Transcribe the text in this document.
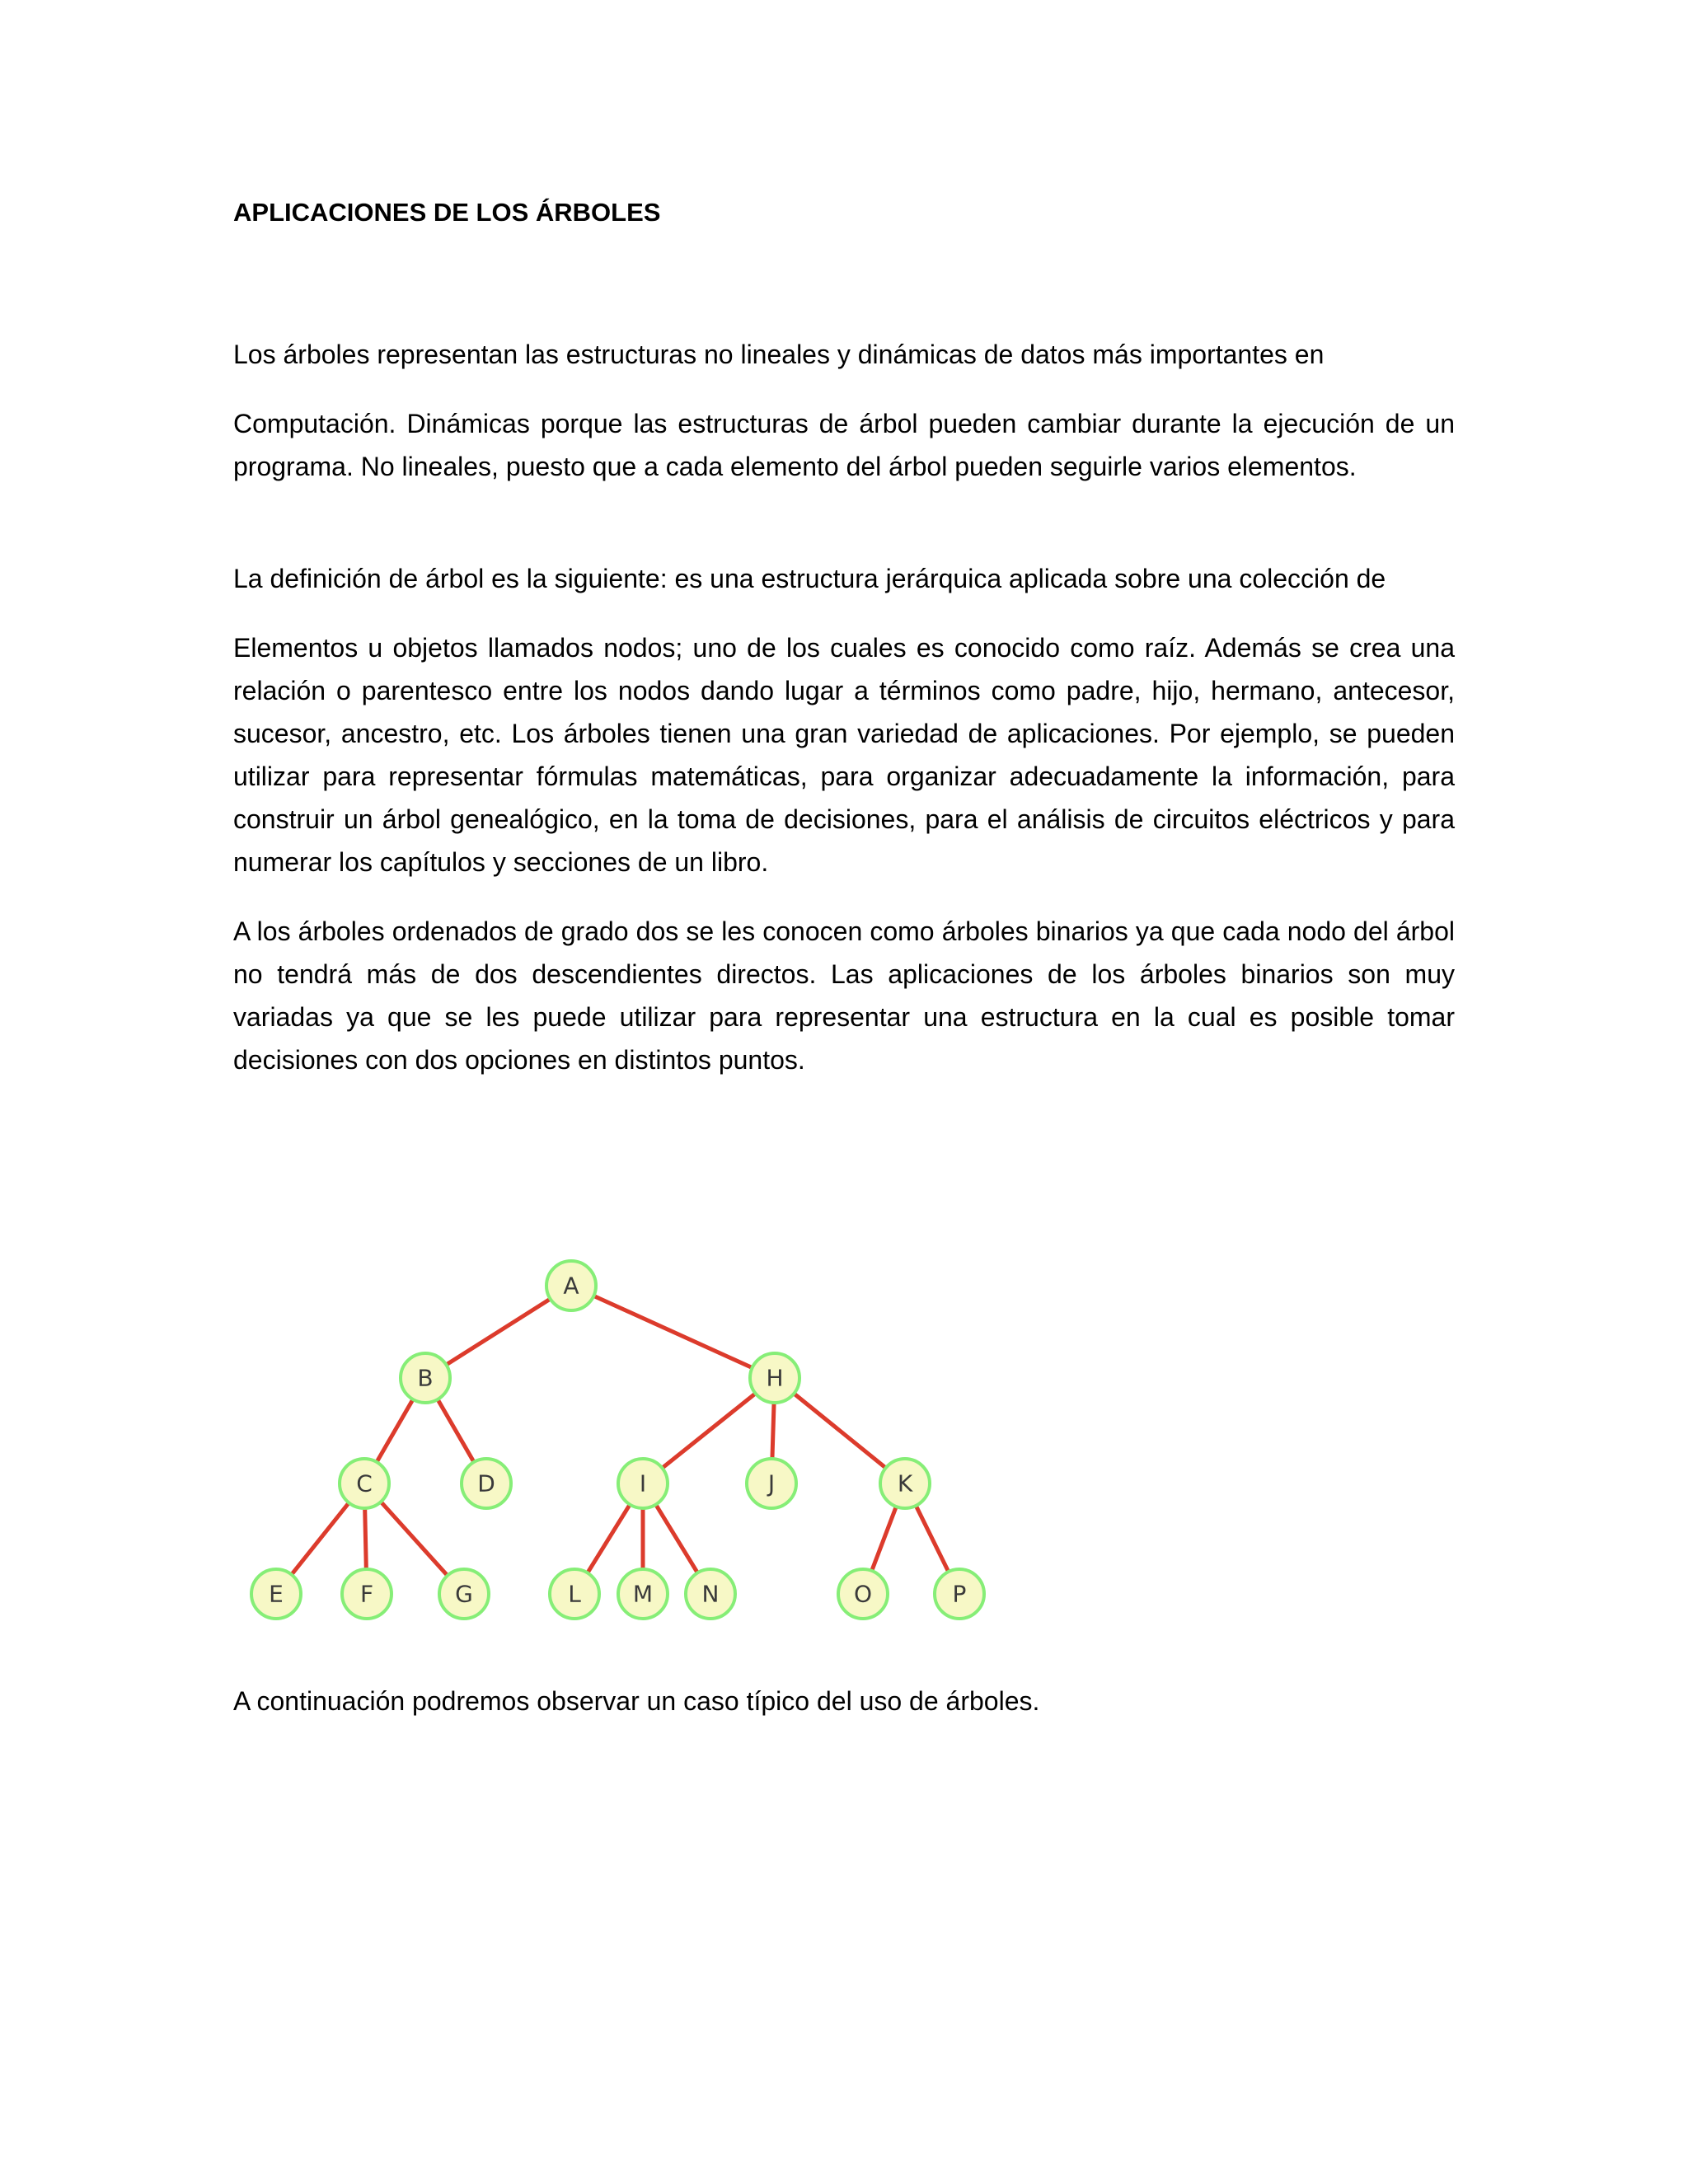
APLICACIONES DE LOS ÁRBOLES

Los árboles representan las estructuras no lineales y dinámicas de datos más importantes en

Computación. Dinámicas porque las estructuras de árbol pueden cambiar durante la ejecución de un programa. No lineales, puesto que a cada elemento del árbol pueden seguirle varios elementos.

La definición de árbol es la siguiente: es una estructura jerárquica aplicada sobre una colección de

Elementos u objetos llamados nodos; uno de los cuales es conocido como raíz. Además se crea una relación o parentesco entre los nodos dando lugar a términos como padre, hijo, hermano, antecesor, sucesor, ancestro, etc. Los árboles tienen una gran variedad de aplicaciones. Por ejemplo, se pueden utilizar para representar fórmulas matemáticas, para organizar adecuadamente la información, para construir un árbol genealógico, en la toma de decisiones, para el análisis de circuitos eléctricos y para numerar los capítulos y secciones de un libro.

A los árboles ordenados de grado dos se les conocen como árboles binarios ya que cada nodo del árbol no tendrá más de dos descendientes directos. Las aplicaciones de los árboles binarios son muy variadas ya que se les puede utilizar para representar una estructura en la cual es posible tomar decisiones con dos opciones en distintos puntos.

A continuación podremos observar un caso típico del uso de árboles.

A
B	H
C	D	I	J	K
E	F	G	L M N	O	P
